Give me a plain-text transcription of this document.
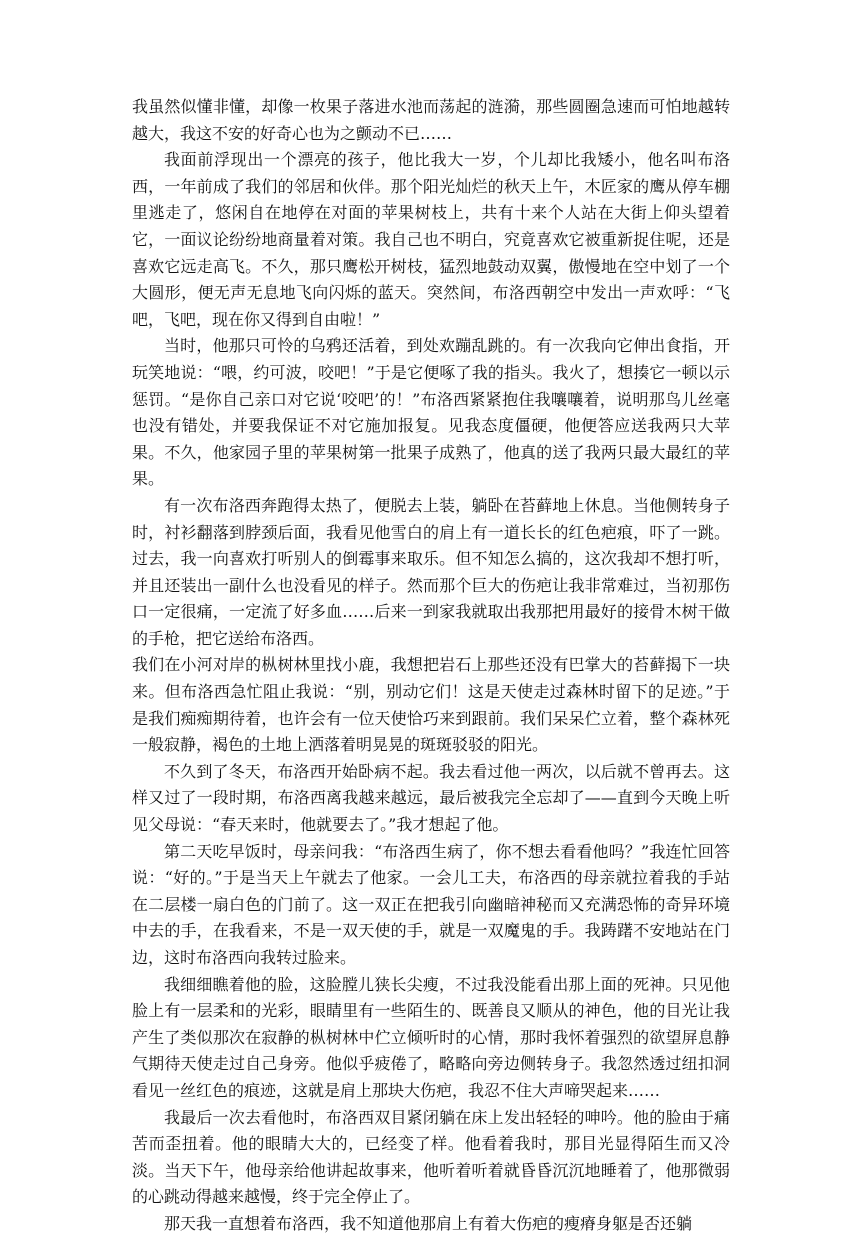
我虽然似懂非懂，却像一枚果子落进水池而荡起的涟漪，那些圆圈急速而可怕地越转越大，我这不安的好奇心也为之颤动不已……

我面前浮现出一个漂亮的孩子，他比我大一岁，个儿却比我矮小，他名叫布洛西，一年前成了我们的邻居和伙伴。那个阳光灿烂的秋天上午，木匠家的鹰从停车棚里逃走了，悠闲自在地停在对面的苹果树枝上，共有十来个人站在大街上仰头望着它，一面议论纷纷地商量着对策。我自己也不明白，究竟喜欢它被重新捉住呢，还是喜欢它远走高飞。不久，那只鹰松开树枝，猛烈地鼓动双翼，傲慢地在空中划了一个大圆形，便无声无息地飞向闪烁的蓝天。突然间，布洛西朝空中发出一声欢呼：“飞吧，飞吧，现在你又得到自由啦！”

当时，他那只可怜的乌鸦还活着，到处欢蹦乱跳的。有一次我向它伸出食指，开玩笑地说：“喂，约可波，咬吧！”于是它便啄了我的指头。我火了，想揍它一顿以示惩罚。“是你自己亲口对它说‘咬吧’的！”布洛西紧紧抱住我嚷嚷着，说明那鸟儿丝毫也没有错处，并要我保证不对它施加报复。见我态度僵硬，他便答应送我两只大苹果。不久，他家园子里的苹果树第一批果子成熟了，他真的送了我两只最大最红的苹果。

有一次布洛西奔跑得太热了，便脱去上装，躺卧在苔藓地上休息。当他侧转身子时，衬衫翻落到脖颈后面，我看见他雪白的肩上有一道长长的红色疤痕，吓了一跳。过去，我一向喜欢打听别人的倒霉事来取乐。但不知怎么搞的，这次我却不想打听，并且还装出一副什么也没看见的样子。然而那个巨大的伤疤让我非常难过，当初那伤口一定很痛，一定流了好多血……后来一到家我就取出我那把用最好的接骨木树干做的手枪，把它送给布洛西。

我们在小河对岸的枞树林里找小鹿，我想把岩石上那些还没有巴掌大的苔藓揭下一块来。但布洛西急忙阻止我说：“别，别动它们！这是天使走过森林时留下的足迹。”于是我们痴痴期待着，也许会有一位天使恰巧来到跟前。我们呆呆伫立着，整个森林死一般寂静，褐色的土地上洒落着明晃晃的斑斑驳驳的阳光。

不久到了冬天，布洛西开始卧病不起。我去看过他一两次，以后就不曾再去。这样又过了一段时期，布洛西离我越来越远，最后被我完全忘却了——直到今天晚上听见父母说：“春天来时，他就要去了。”我才想起了他。

第二天吃早饭时，母亲问我：“布洛西生病了，你不想去看看他吗？”我连忙回答说：“好的。”于是当天上午就去了他家。一会儿工夫，布洛西的母亲就拉着我的手站在二层楼一扇白色的门前了。这一双正在把我引向幽暗神秘而又充满恐怖的奇异环境中去的手，在我看来，不是一双天使的手，就是一双魔鬼的手。我踌躇不安地站在门边，这时布洛西向我转过脸来。

我细细瞧着他的脸，这脸膛儿狭长尖瘦，不过我没能看出那上面的死神。只见他脸上有一层柔和的光彩，眼睛里有一些陌生的、既善良又顺从的神色，他的目光让我产生了类似那次在寂静的枞树林中伫立倾听时的心情，那时我怀着强烈的欲望屏息静气期待天使走过自己身旁。他似乎疲倦了，略略向旁边侧转身子。我忽然透过纽扣洞看见一丝红色的痕迹，这就是肩上那块大伤疤，我忍不住大声啼哭起来……

我最后一次去看他时，布洛西双目紧闭躺在床上发出轻轻的呻吟。他的脸由于痛苦而歪扭着。他的眼睛大大的，已经变了样。他看着我时，那目光显得陌生而又冷淡。当天下午，他母亲给他讲起故事来，他听着听着就昏昏沉沉地睡着了，他那微弱的心跳动得越来越慢，终于完全停止了。

那天我一直想着布洛西，我不知道他那肩上有着大伤疤的瘦瘠身躯是否还躺
